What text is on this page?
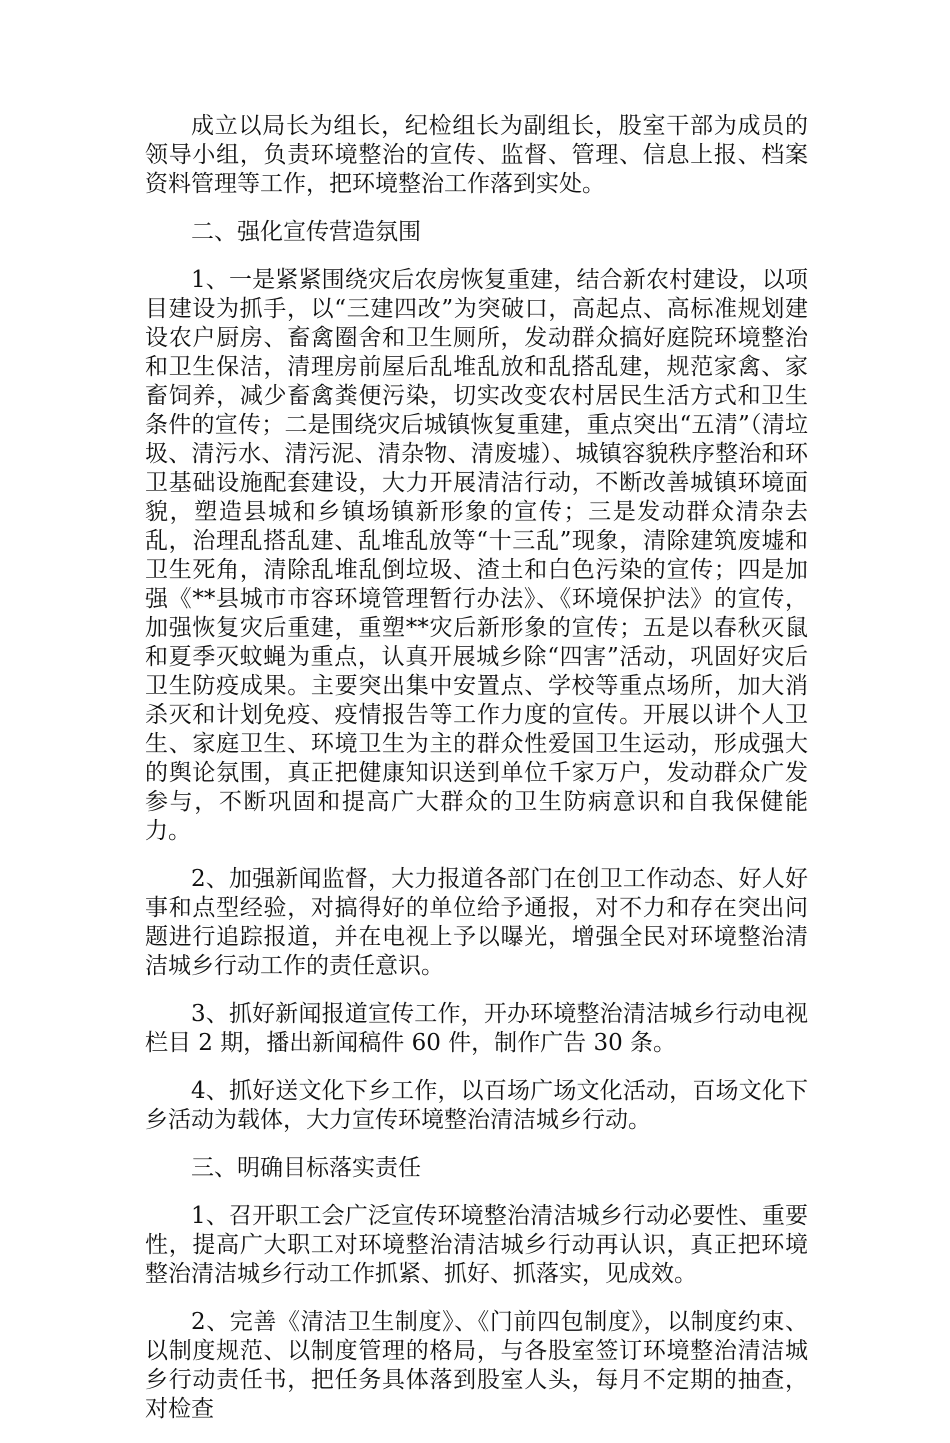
成立以局长为组长，纪检组长为副组长，股室干部为成员的领导小组，负责环境整治的宣传、监督、管理、信息上报、档案资料管理等工作，把环境整治工作落到实处。

二、强化宣传营造氛围

1、一是紧紧围绕灾后农房恢复重建，结合新农村建设，以项目建设为抓手，以“三建四改”为突破口，高起点、高标准规划建设农户厨房、畜禽圈舍和卫生厕所，发动群众搞好庭院环境整治和卫生保洁，清理房前屋后乱堆乱放和乱搭乱建，规范家禽、家畜饲养，减少畜禽粪便污染，切实改变农村居民生活方式和卫生条件的宣传；二是围绕灾后城镇恢复重建，重点突出“五清”（清垃圾、清污水、清污泥、清杂物、清废墟）、城镇容貌秩序整治和环卫基础设施配套建设，大力开展清洁行动，不断改善城镇环境面貌，塑造县城和乡镇场镇新形象的宣传；三是发动群众清杂去乱，治理乱搭乱建、乱堆乱放等“十三乱”现象，清除建筑废墟和卫生死角，清除乱堆乱倒垃圾、渣土和白色污染的宣传；四是加强《**县城市市容环境管理暂行办法》、《环境保护法》的宣传，加强恢复灾后重建，重塑**灾后新形象的宣传；五是以春秋灭鼠和夏季灭蚊蝇为重点，认真开展城乡除“四害”活动，巩固好灾后卫生防疫成果。主要突出集中安置点、学校等重点场所，加大消杀灭和计划免疫、疫情报告等工作力度的宣传。开展以讲个人卫生、家庭卫生、环境卫生为主的群众性爱国卫生运动，形成强大的舆论氛围，真正把健康知识送到单位千家万户，发动群众广发参与，不断巩固和提高广大群众的卫生防病意识和自我保健能力。

2、加强新闻监督，大力报道各部门在创卫工作动态、好人好事和点型经验，对搞得好的单位给予通报，对不力和存在突出问题进行追踪报道，并在电视上予以曝光，增强全民对环境整治清洁城乡行动工作的责任意识。

3、抓好新闻报道宣传工作，开办环境整治清洁城乡行动电视栏目 2 期，播出新闻稿件 60 件，制作广告 30 条。

4、抓好送文化下乡工作，以百场广场文化活动，百场文化下乡活动为载体，大力宣传环境整治清洁城乡行动。

三、明确目标落实责任

1、召开职工会广泛宣传环境整治清洁城乡行动必要性、重要性，提高广大职工对环境整治清洁城乡行动再认识，真正把环境整治清洁城乡行动工作抓紧、抓好、抓落实，见成效。

2、完善《清洁卫生制度》、《门前四包制度》，以制度约束、以制度规范、以制度管理的格局，与各股室签订环境整治清洁城乡行动责任书，把任务具体落到股室人头，每月不定期的抽查，对检查
